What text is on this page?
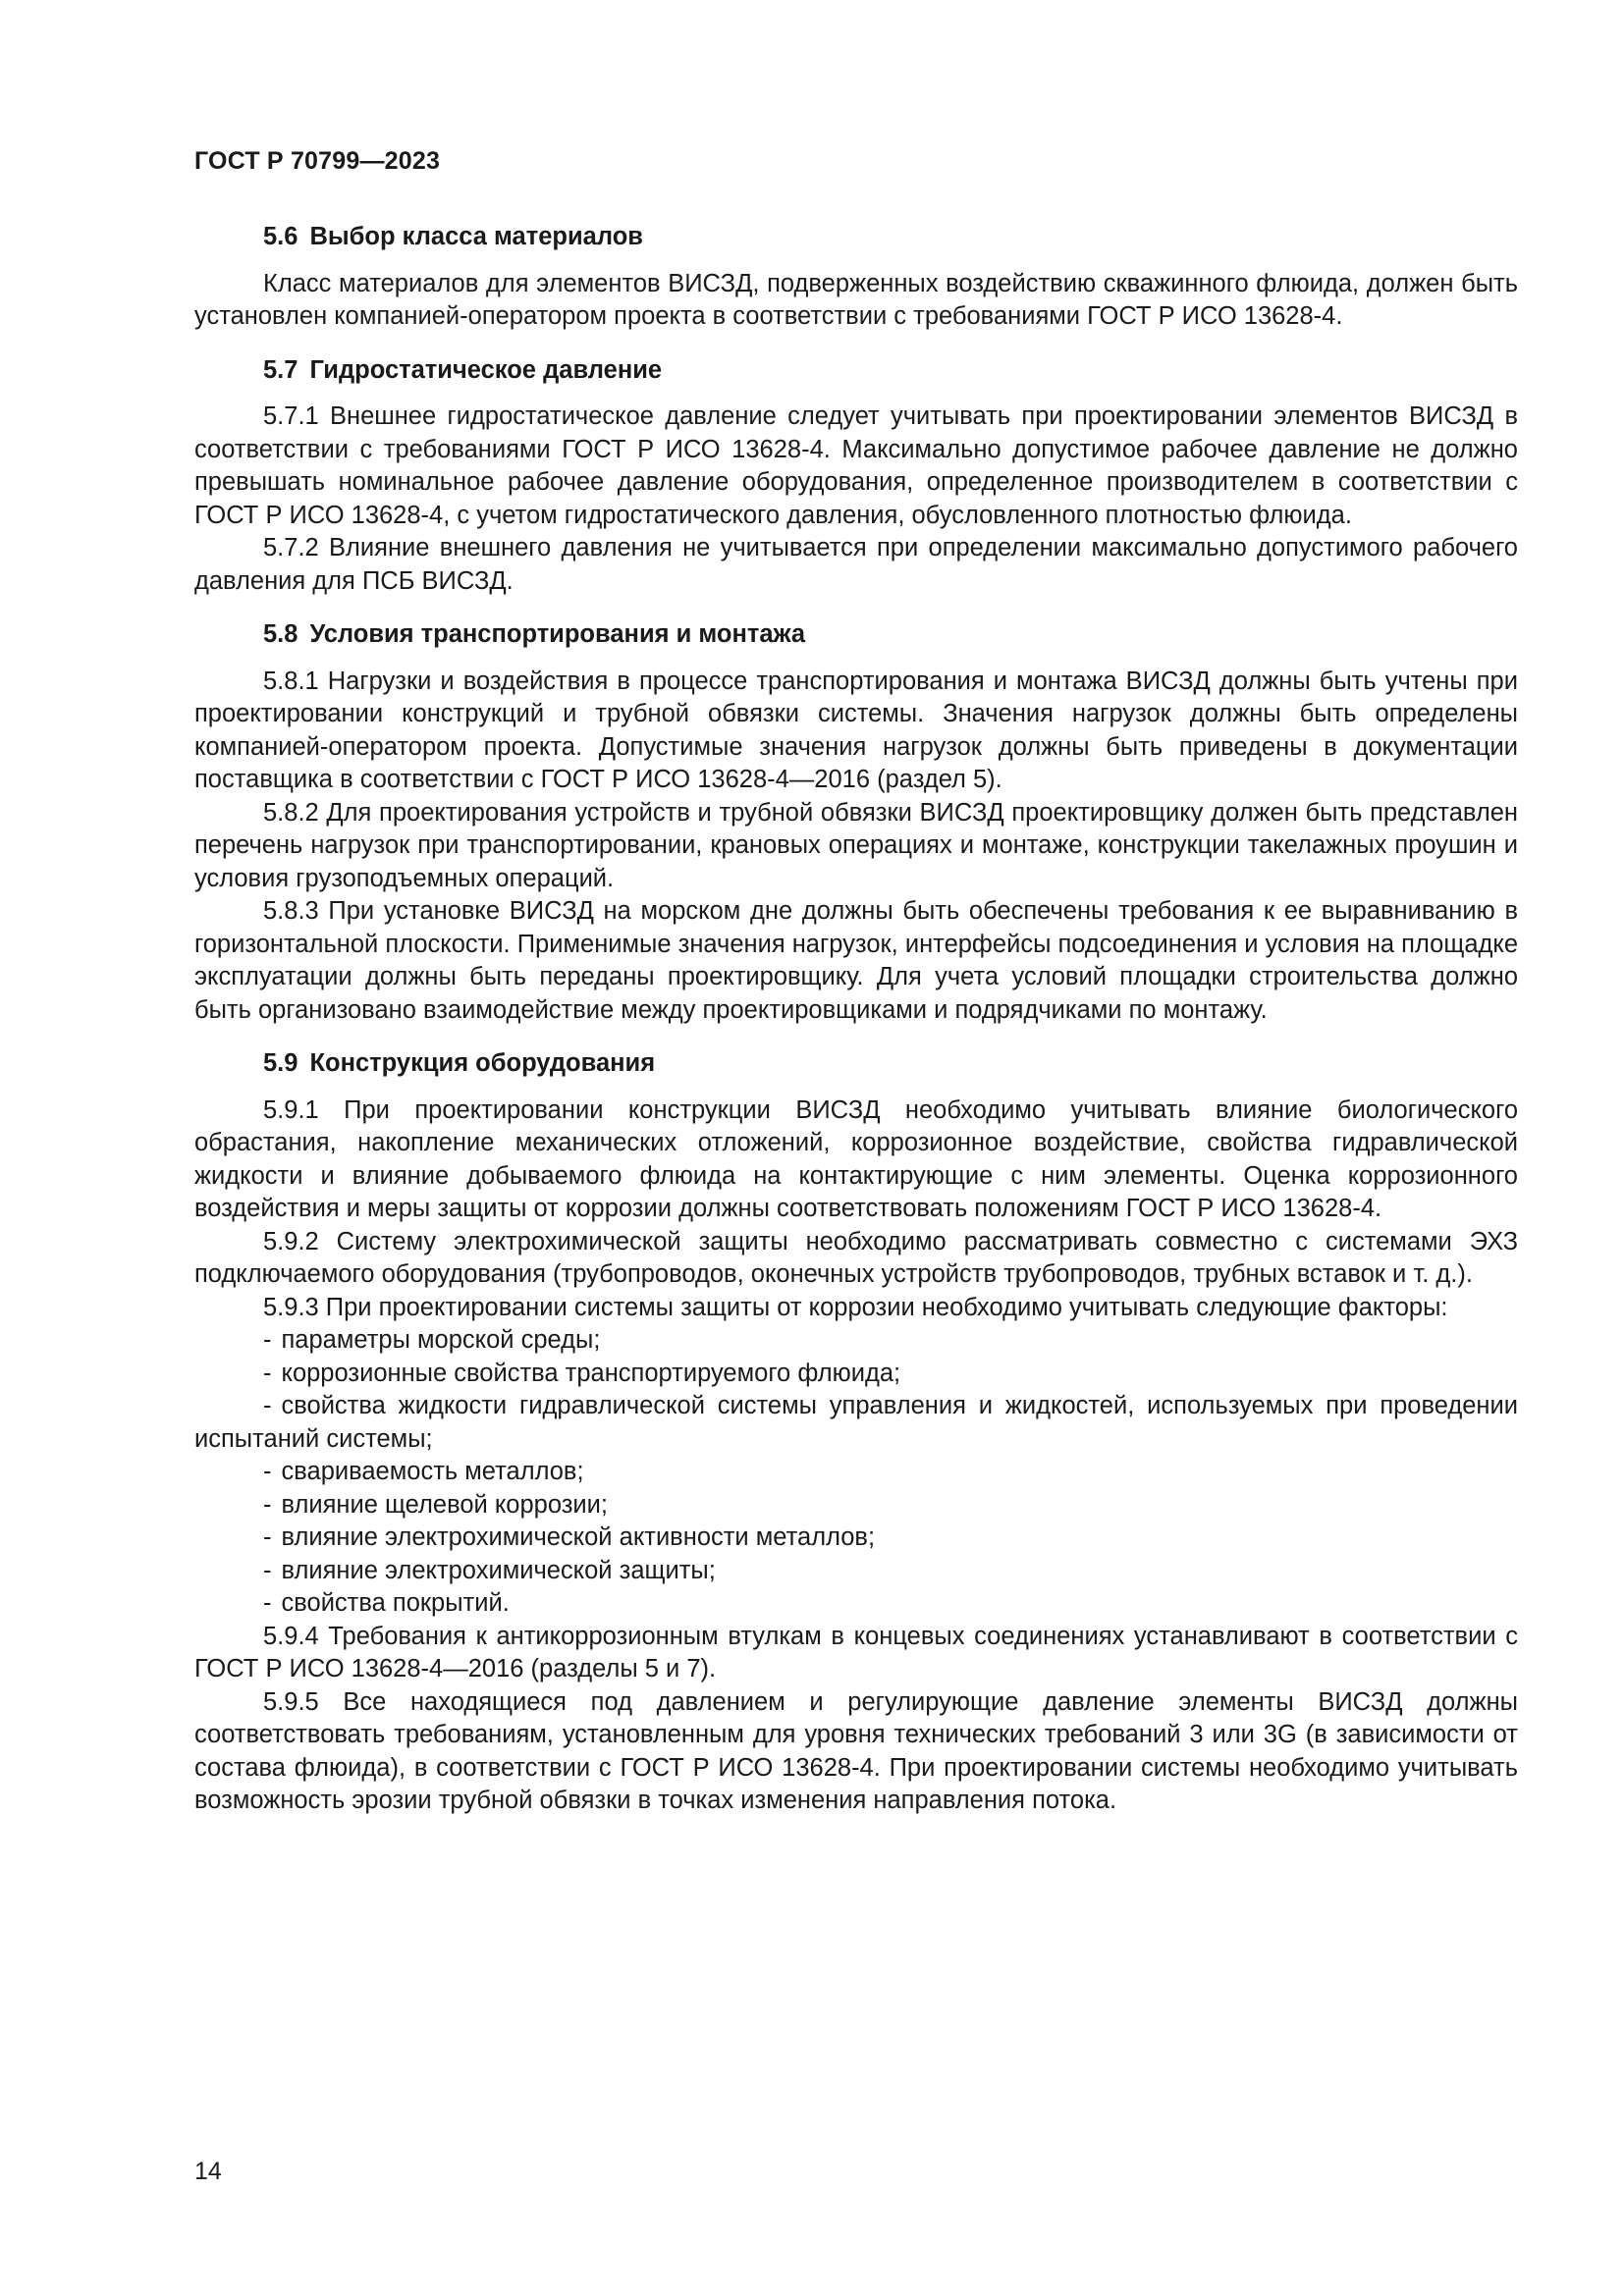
ГОСТ Р 70799—2023

5.6 Выбор класса материалов

Класс материалов для элементов ВИСЗД, подверженных воздействию скважинного флюида, должен быть установлен компанией-оператором проекта в соответствии с требованиями ГОСТ Р ИСО 13628-4.

5.7 Гидростатическое давление

5.7.1 Внешнее гидростатическое давление следует учитывать при проектировании элементов ВИСЗД в соответствии с требованиями ГОСТ Р ИСО 13628-4. Максимально допустимое рабочее давление не должно превышать номинальное рабочее давление оборудования, определенное производителем в соответствии с ГОСТ Р ИСО 13628-4, с учетом гидростатического давления, обусловленного плотностью флюида.

5.7.2 Влияние внешнего давления не учитывается при определении максимально допустимого рабочего давления для ПСБ ВИСЗД.

5.8 Условия транспортирования и монтажа

5.8.1 Нагрузки и воздействия в процессе транспортирования и монтажа ВИСЗД должны быть учтены при проектировании конструкций и трубной обвязки системы. Значения нагрузок должны быть определены компанией-оператором проекта. Допустимые значения нагрузок должны быть приведены в документации поставщика в соответствии с ГОСТ Р ИСО 13628-4—2016 (раздел 5).

5.8.2 Для проектирования устройств и трубной обвязки ВИСЗД проектировщику должен быть представлен перечень нагрузок при транспортировании, крановых операциях и монтаже, конструкции такелажных проушин и условия грузоподъемных операций.

5.8.3 При установке ВИСЗД на морском дне должны быть обеспечены требования к ее выравниванию в горизонтальной плоскости. Применимые значения нагрузок, интерфейсы подсоединения и условия на площадке эксплуатации должны быть переданы проектировщику. Для учета условий площадки строительства должно быть организовано взаимодействие между проектировщиками и подрядчиками по монтажу.

5.9 Конструкция оборудования

5.9.1 При проектировании конструкции ВИСЗД необходимо учитывать влияние биологического обрастания, накопление механических отложений, коррозионное воздействие, свойства гидравлической жидкости и влияние добываемого флюида на контактирующие с ним элементы. Оценка коррозионного воздействия и меры защиты от коррозии должны соответствовать положениям ГОСТ Р ИСО 13628-4.

5.9.2 Систему электрохимической защиты необходимо рассматривать совместно с системами ЭХЗ подключаемого оборудования (трубопроводов, оконечных устройств трубопроводов, трубных вставок и т. д.).

5.9.3 При проектировании системы защиты от коррозии необходимо учитывать следующие факторы:

- параметры морской среды;
- коррозионные свойства транспортируемого флюида;
- свойства жидкости гидравлической системы управления и жидкостей, используемых при проведении испытаний системы;
- свариваемость металлов;
- влияние щелевой коррозии;
- влияние электрохимической активности металлов;
- влияние электрохимической защиты;
- свойства покрытий.

5.9.4 Требования к антикоррозионным втулкам в концевых соединениях устанавливают в соответствии с ГОСТ Р ИСО 13628-4—2016 (разделы 5 и 7).

5.9.5 Все находящиеся под давлением и регулирующие давление элементы ВИСЗД должны соответствовать требованиям, установленным для уровня технических требований 3 или 3G (в зависимости от состава флюида), в соответствии с ГОСТ Р ИСО 13628-4. При проектировании системы необходимо учитывать возможность эрозии трубной обвязки в точках изменения направления потока.

14
